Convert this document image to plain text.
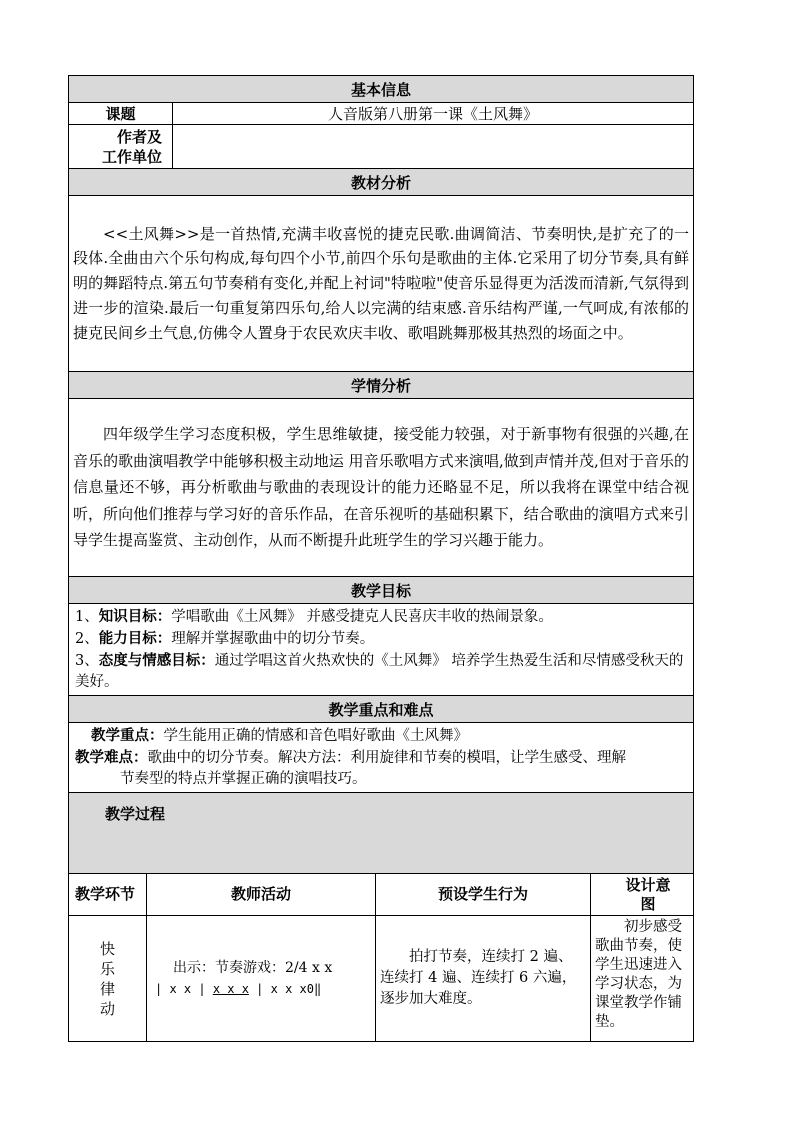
基本信息				
课题		人音版第八册第一课《土风舞》		
作者及
工作单位				
教材分析				
<<土风舞>>是一首热情,充满丰收喜悦的捷克民歌.曲调简洁、节奏明快,是扩充了的一段体.全曲由六个乐句构成,每句四个小节,前四个乐句是歌曲的主体.它采用了切分节奏,具有鲜明的舞蹈特点.第五句节奏稍有变化,并配上衬词"特啦啦"使音乐显得更为活泼而清新,气氛得到进一步的渲染.最后一句重复第四乐句,给人以完满的结束感.音乐结构严谨,一气呵成,有浓郁的捷克民间乡土气息,仿佛令人置身于农民欢庆丰收、歌唱跳舞那极其热烈的场面之中。				
学情分析				
四年级学生学习态度积极，学生思维敏捷，接受能力较强，对于新事物有很强的兴趣,在音乐的歌曲演唱教学中能够积极主动地运 用音乐歌唱方式来演唱,做到声情并茂,但对于音乐的信息量还不够，再分析歌曲与歌曲的表现设计的能力还略显不足，所以我将在课堂中结合视听，所向他们推荐与学习好的音乐作品，在音乐视听的基础积累下，结合歌曲的演唱方式来引导学生提高鉴赏、主动创作，从而不断提升此班学生的学习兴趣于能力。				
教学目标				

1、知识目标：学唱歌曲《土风舞》 并感受捷克人民喜庆丰收的热闹景象。
2、能力目标：理解并掌握歌曲中的切分节奏。
3、态度与情感目标：通过学唱这首火热欢快的《土风舞》 培养学生热爱生活和尽情感受秋天的美好。				

教学重点和难点				

教学重点：学生能用正确的情感和音色唱好歌曲《土风舞》
教学难点：歌曲中的切分节奏。解决方法：利用旋律和节奏的模唱，让学生感受、理解
节奏型的特点并掌握正确的演唱技巧。				

教学过程				

教学环节	教师活动		预设学生行为	设计意图
快乐律动	出示：节奏游戏：2/4 x x
| x x | x x x | x x x0‖		拍打节奏，连续打 2 遍、连续打 4 遍、连续打 6 六遍，逐步加大难度。	初步感受歌曲节奏，使学生迅速进入学习状态，为课堂教学作铺垫。
